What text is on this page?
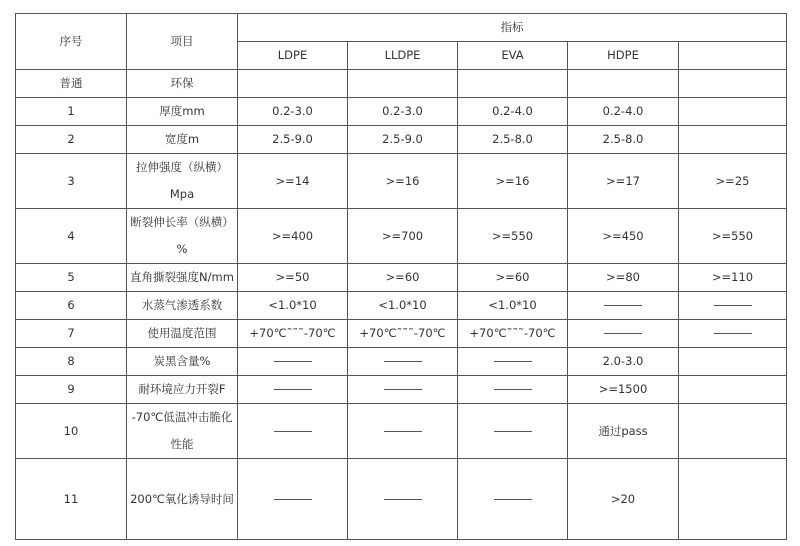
序号	项目	指标				
		LDPE	LLDPE	EVA	HDPE	
普通	环保					
1	厚度mm	0.2-3.0	0.2-3.0	0.2-4.0	0.2-4.0	
2	宽度m	2.5-9.0	2.5-9.0	2.5-8.0	2.5-8.0	
3	拉伸强度（纵横）Mpa	>=14	>=16	>=16	>=17	>=25
4	断裂伸长率（纵横）%	>=400	>=700	>=550	>=450	>=550
5	直角撕裂强度N/mm	>=50	>=60	>=60	>=80	>=110
6	水蒸气渗透系数	<1.0*10	<1.0*10	<1.0*10		
7	使用温度范围	+70℃˜˜˜-70℃	+70℃˜˜˜-70℃	+70℃˜˜˜-70℃		
8	炭黑含量%				2.0-3.0	
9	耐环境应力开裂F				>=1500	
10	-70℃低温冲击脆化性能				通过pass	
11	200℃氧化诱导时间				>20	
